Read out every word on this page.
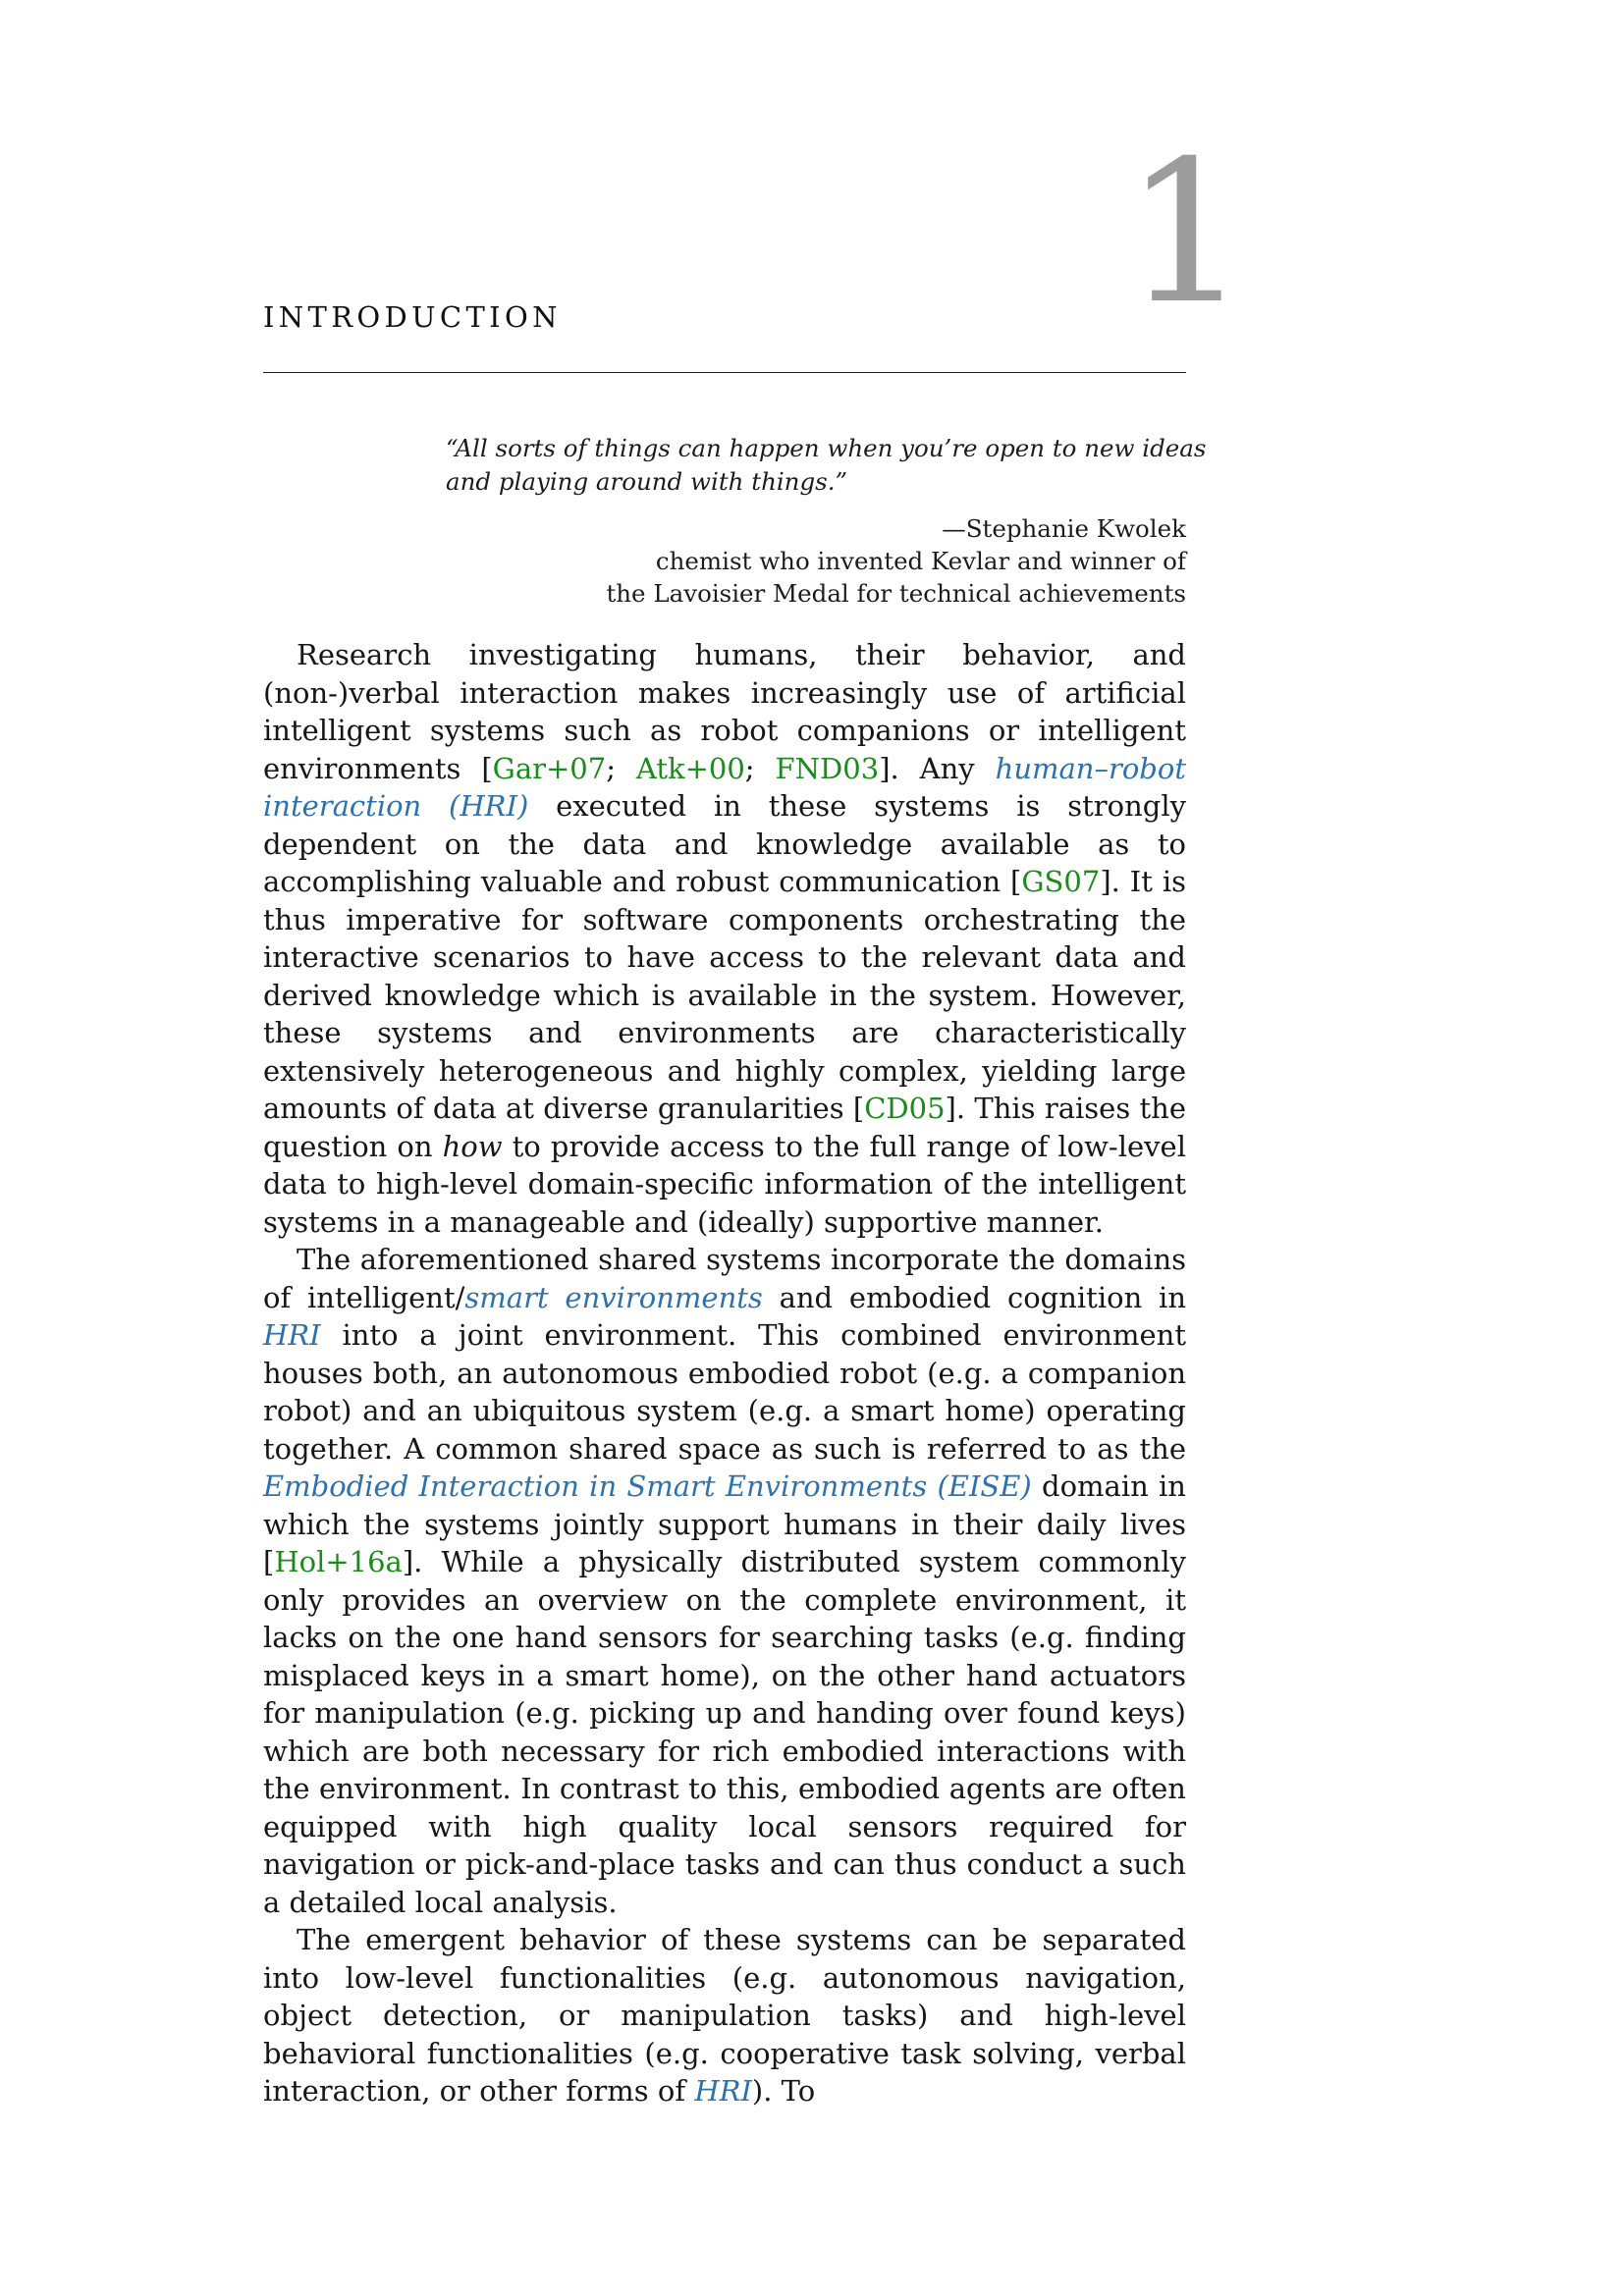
1
INTRODUCTION
“All sorts of things can happen when you’re open to new ideas
and playing around with things.”
—Stephanie Kwolek
chemist who invented Kevlar and winner of
the Lavoisier Medal for technical achievements

Research investigating humans, their behavior, and (non-)verbal interaction makes increasingly use of artificial intelligent systems such as robot companions or intelligent environments [Gar+07; Atk+00; FND03]. Any human–robot interaction (HRI) executed in these systems is strongly dependent on the data and knowledge available as to accomplishing valuable and robust communication [GS07]. It is thus imperative for software components orchestrating the interactive scenarios to have access to the relevant data and derived knowledge which is available in the system. However, these systems and environments are characteristically extensively heterogeneous and highly complex, yielding large amounts of data at diverse granularities [CD05]. This raises the question on how to provide access to the full range of low-level data to high-level domain-specific information of the intelligent systems in a manageable and (ideally) supportive manner.

The aforementioned shared systems incorporate the domains of intelligent/smart environments and embodied cognition in HRI into a joint environment. This combined environment houses both, an autonomous embodied robot (e.g. a companion robot) and an ubiquitous system (e.g. a smart home) operating together. A common shared space as such is referred to as the Embodied Interaction in Smart Environments (EISE) domain in which the systems jointly support humans in their daily lives [Hol+16a]. While a physically distributed system commonly only provides an overview on the complete environment, it lacks on the one hand sensors for searching tasks (e.g. finding misplaced keys in a smart home), on the other hand actuators for manipulation (e.g. picking up and handing over found keys) which are both necessary for rich embodied interactions with the environment. In contrast to this, embodied agents are often equipped with high quality local sensors required for navigation or pick-and-place tasks and can thus conduct a such a detailed local analysis.

The emergent behavior of these systems can be separated into low-level functionalities (e.g. autonomous navigation, object detection, or manipulation tasks) and high-level behavioral functionalities (e.g. cooperative task solving, verbal interaction, or other forms of HRI). To
